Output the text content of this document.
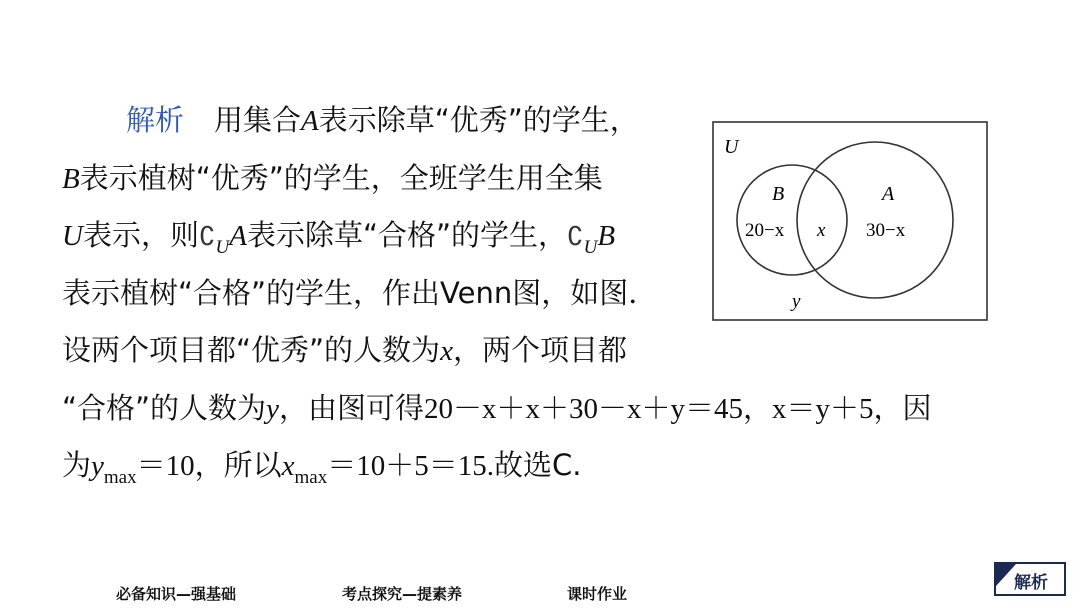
解析 用集合A表示除草“优秀”的学生，
B表示植树“优秀”的学生，全班学生用全集
U表示，则$∁_UA$表示除草“合格”的学生，$∁_UB$
表示植树“合格”的学生，作出Venn图，如图．
设两个项目都“优秀”的人数为x，两个项目都
“合格”的人数为y，由图可得20－x＋x＋30－x＋y＝45，x＝y＋5，因
为$y_{max}=10$，所以$x_{max}=10+5=15$.故选C.
U
B	A
20−x x 30−x
y
必备知识—强基础	考点探究—提素养	课时作业
解析
